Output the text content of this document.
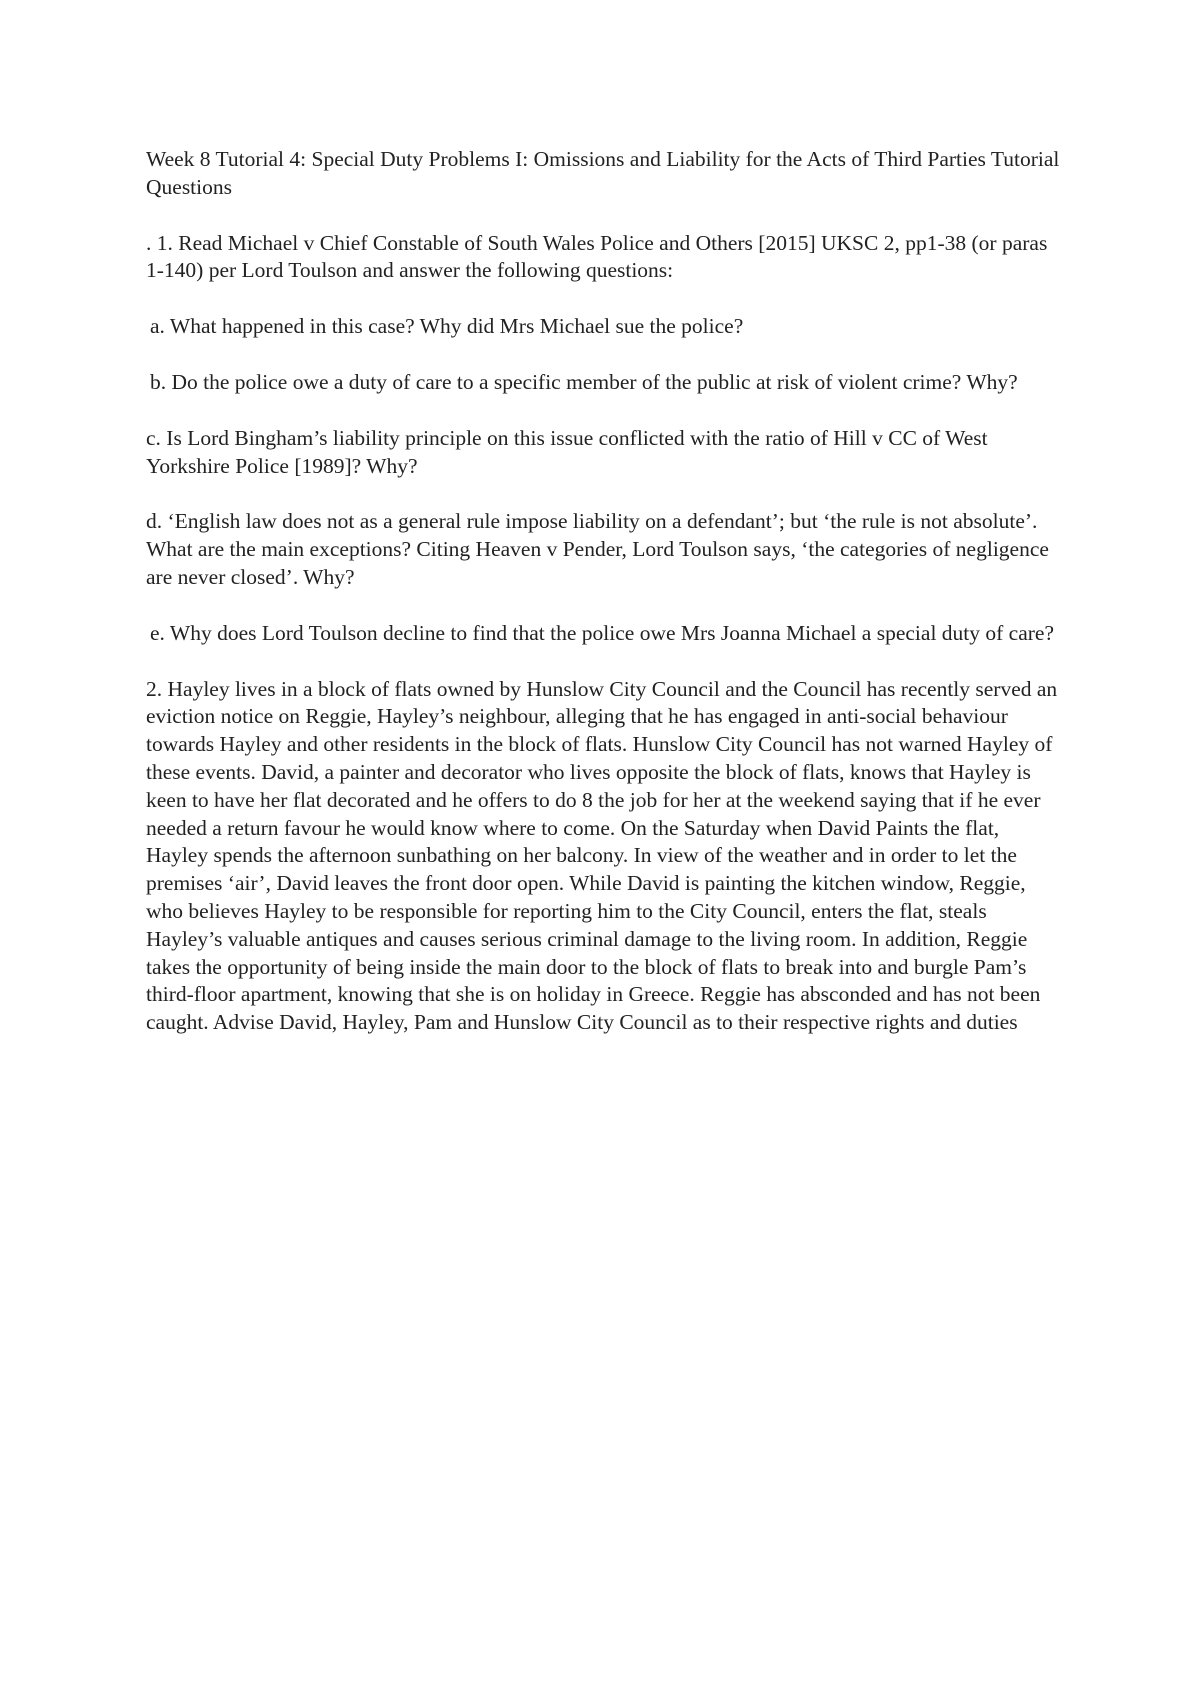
Week 8 Tutorial 4: Special Duty Problems I: Omissions and Liability for the Acts of Third Parties Tutorial Questions

. 1. Read Michael v Chief Constable of South Wales Police and Others [2015] UKSC 2, pp1-38 (or paras 1-140) per Lord Toulson and answer the following questions:

a. What happened in this case? Why did Mrs Michael sue the police?

b. Do the police owe a duty of care to a specific member of the public at risk of violent crime? Why?

c. Is Lord Bingham’s liability principle on this issue conflicted with the ratio of Hill v CC of West Yorkshire Police [1989]? Why?

d. ‘English law does not as a general rule impose liability on a defendant’; but ‘the rule is not absolute’. What are the main exceptions? Citing Heaven v Pender, Lord Toulson says, ‘the categories of negligence are never closed’. Why?

e. Why does Lord Toulson decline to find that the police owe Mrs Joanna Michael a special duty of care?

2. Hayley lives in a block of flats owned by Hunslow City Council and the Council has recently served an eviction notice on Reggie, Hayley’s neighbour, alleging that he has engaged in anti-social behaviour towards Hayley and other residents in the block of flats. Hunslow City Council has not warned Hayley of these events. David, a painter and decorator who lives opposite the block of flats, knows that Hayley is keen to have her flat decorated and he offers to do 8 the job for her at the weekend saying that if he ever needed a return favour he would know where to come. On the Saturday when David Paints the flat, Hayley spends the afternoon sunbathing on her balcony. In view of the weather and in order to let the premises ‘air’, David leaves the front door open. While David is painting the kitchen window, Reggie, who believes Hayley to be responsible for reporting him to the City Council, enters the flat, steals Hayley’s valuable antiques and causes serious criminal damage to the living room. In addition, Reggie takes the opportunity of being inside the main door to the block of flats to break into and burgle Pam’s third-floor apartment, knowing that she is on holiday in Greece. Reggie has absconded and has not been caught. Advise David, Hayley, Pam and Hunslow City Council as to their respective rights and duties
